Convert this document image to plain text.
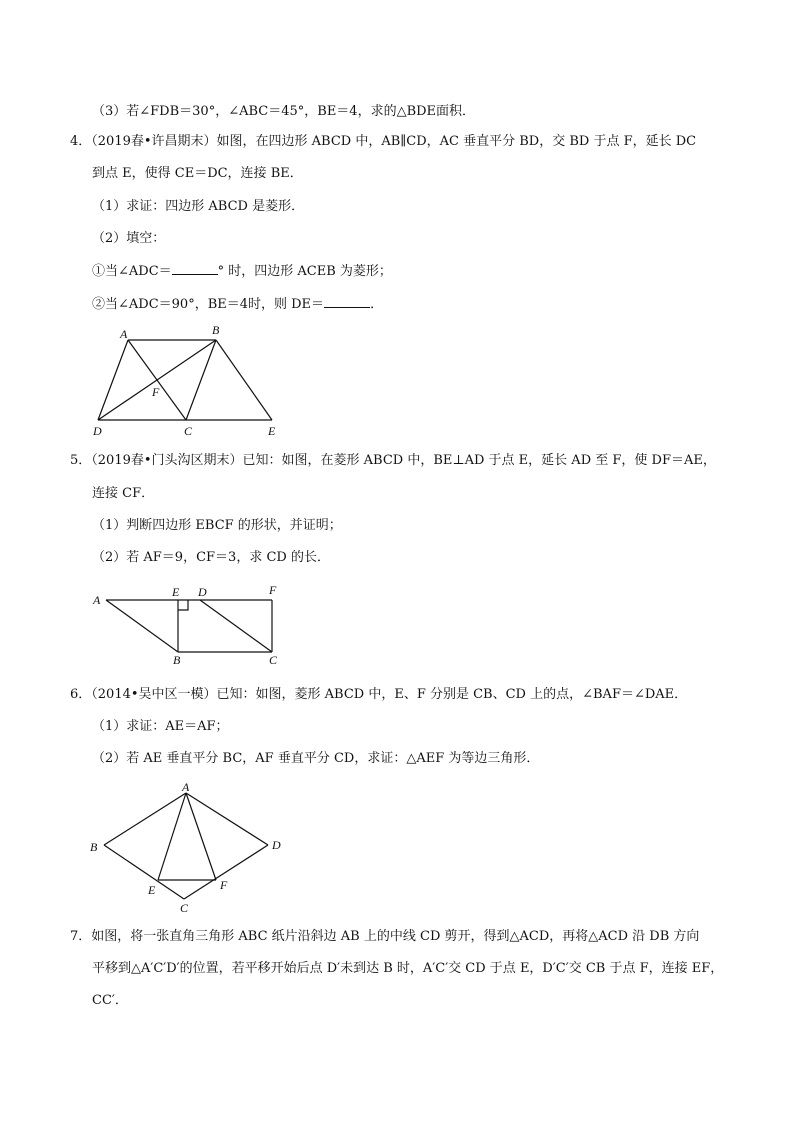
（3）若∠FDB＝30°，∠ABC＝45°，BE＝4，求的△BDE面积．
4．（2019春•许昌期末）如图，在四边形 ABCD 中，AB∥CD，AC 垂直平分 BD，交 BD 于点 F，延长 DC
到点 E，使得 CE＝DC，连接 BE．
（1）求证：四边形 ABCD 是菱形．
（2）填空：
①当∠ADC＝	° 时，四边形 ACEB 为菱形；
②当∠ADC＝90°，BE＝4时，则 DE＝	．
5．（2019春•门头沟区期末）已知：如图，在菱形 ABCD 中，BE⊥AD 于点 E，延长 AD 至 F，使 DF＝AE，
连接 CF．
（1）判断四边形 EBCF 的形状，并证明；
（2）若 AF＝9，CF＝3，求 CD 的长．
6．（2014•吴中区一模）已知：如图，菱形 ABCD 中，E、F 分别是 CB、CD 上的点，∠BAF＝∠DAE．
（1）求证：AE＝AF；
（2）若 AE 垂直平分 BC，AF 垂直平分 CD，求证：△AEF 为等边三角形．
7．如图，将一张直角三角形 ABC 纸片沿斜边 AB 上的中线 CD 剪开，得到△ACD，再将△ACD 沿 DB 方向
平移到△A′C′D′的位置，若平移开始后点 D′未到达 B 时，A′C′交 CD 于点 E，D′C′交 CB 于点 F，连接 EF，
CC′．
A	B
F
D	C	E
A
E D	F
B	C
A
B	D
E	F
C
